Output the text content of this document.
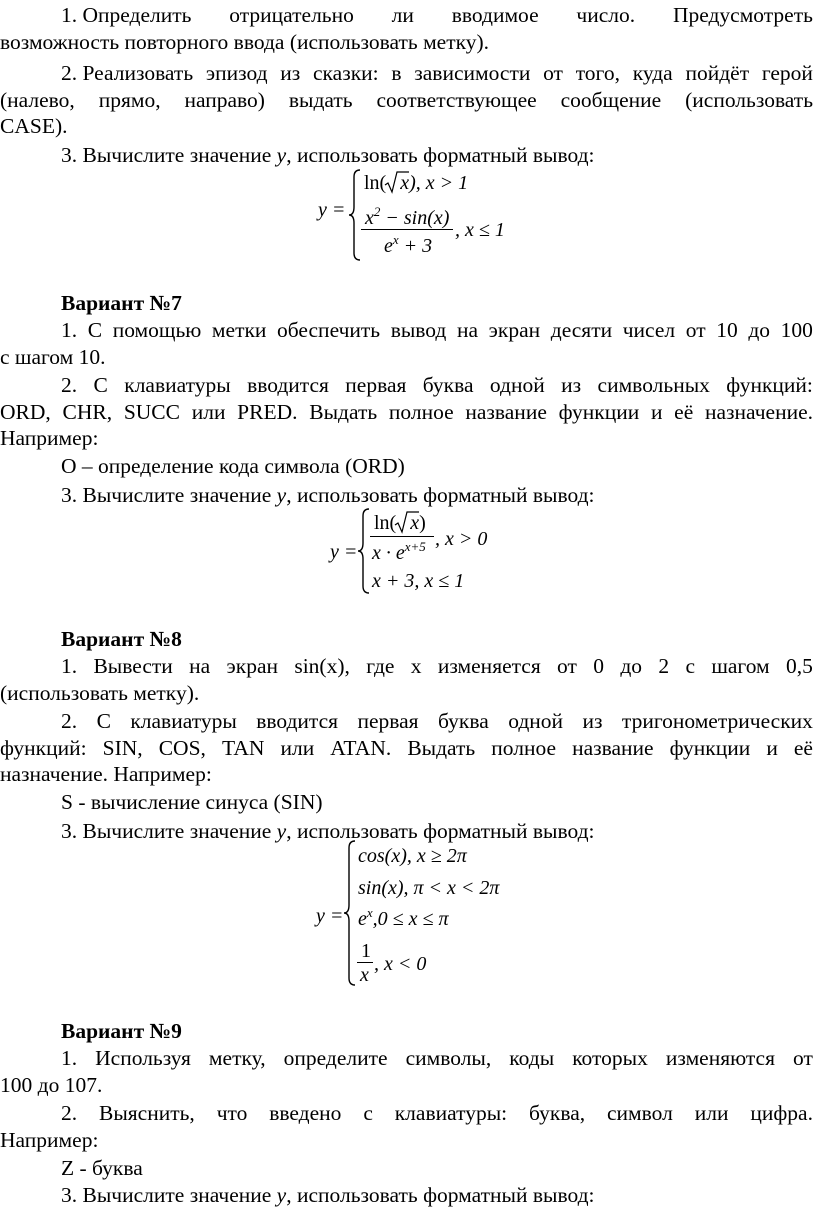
1. Определить отрицательно ли вводимое число. Предусмотреть
возможность повторного ввода (использовать метку).
2. Реализовать эпизод из сказки: в зависимости от того, куда пойдёт герой
(налево, прямо, направо) выдать соответствующее сообщение (использовать
CASE).
3. Вычислите значение y, использовать форматный вывод:
y =
ln( x), x > 1
$x^2 - \sin(x)$
$e^x + 3$
, x ≤ 1
Вариант №7
1. С помощью метки обеспечить вывод на экран десяти чисел от 10 до 100
с шагом 10.
2. С клавиатуры вводится первая буква одной из символьных функций:
ORD, CHR, SUCC или PRED. Выдать полное название функции и её назначение.
Например:
О – определение кода символа (ORD)
3. Вычислите значение y, использовать форматный вывод:
y =
ln( x)
$x \cdot e^{x+5}$ , x > 0
x + 3, x ≤ 1
Вариант №8
1. Вывести на экран sin(x), где x изменяется от 0 до 2 с шагом 0,5
(использовать метку).
2. С клавиатуры вводится первая буква одной из тригонометрических
функций: SIN, COS, TAN или ATAN. Выдать полное название функции и её
назначение. Например:
S - вычисление синуса (SIN)
3. Вычислите значение y, использовать форматный вывод:
y =
cos(x), x ≥ 2π
sin(x), π < x < 2π
$e^x,0 \le x \le \pi$
1
x , x < 0
Вариант №9
1. Используя метку, определите символы, коды которых изменяются от
100 до 107.
2. Выяснить, что введено с клавиатуры: буква, символ или цифра.
Например:
Z - буква
3. Вычислите значение y, использовать форматный вывод:
